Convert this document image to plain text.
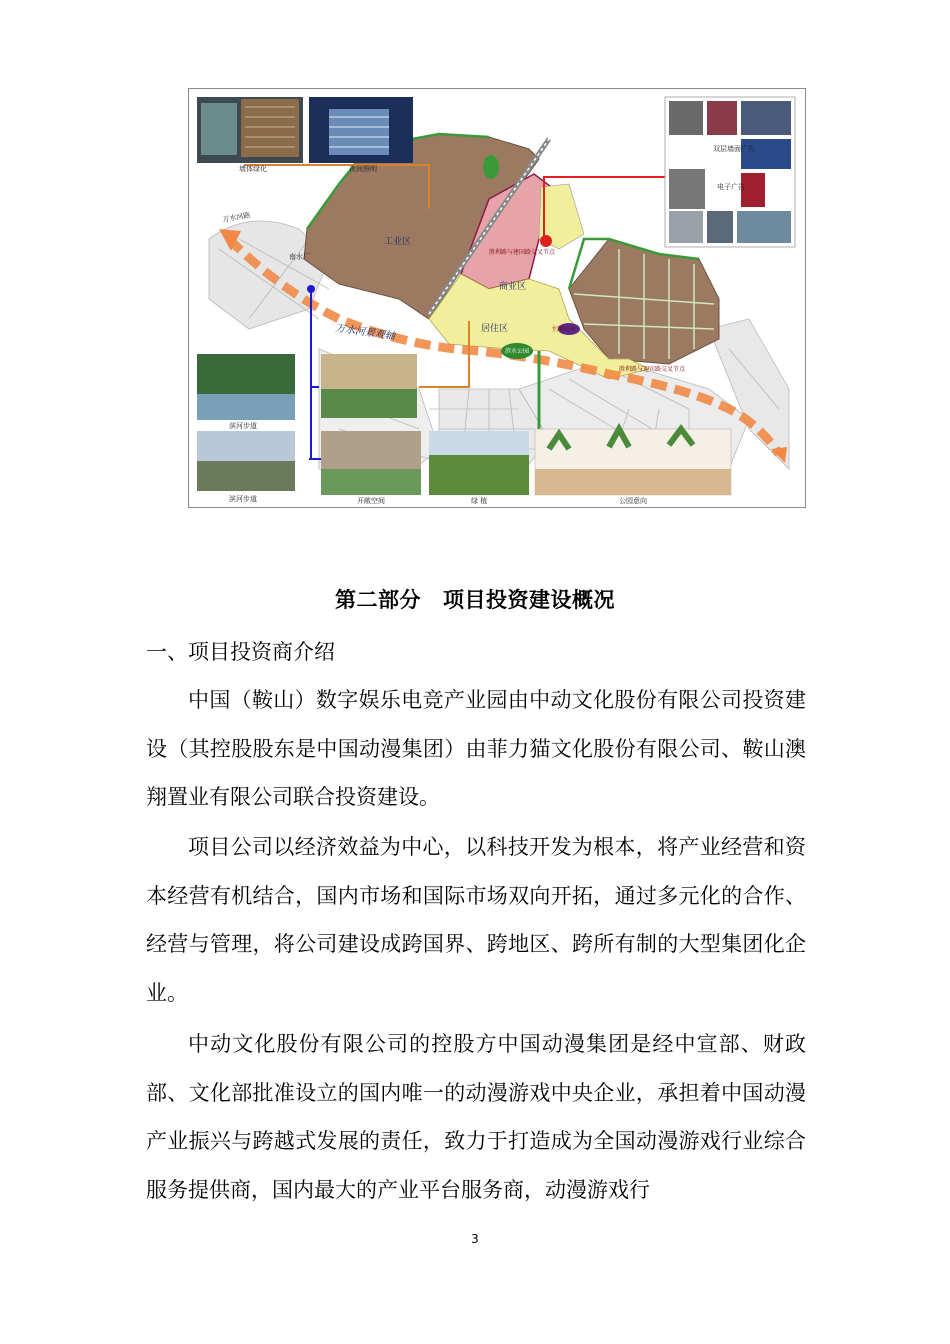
工业区
商业区
居住区
万水河景观轴
万水河路
南水厂
胜利路与建国路交叉节点
滨水公园
主题公园
胜利路与迎宾路交叉节点
墙体绿化	夜间照明
双层墙面广告
电子广告
滨河步道
滨河步道	开敞空间	绿 植	公园意向
第二部分 项目投资建设概况
一、项目投资商介绍

中国（鞍山）数字娱乐电竞产业园由中动文化股份有限公司投资建设（其控股股东是中国动漫集团）由菲力猫文化股份有限公司、鞍山澳翔置业有限公司联合投资建设。

项目公司以经济效益为中心，以科技开发为根本，将产业经营和资本经营有机结合，国内市场和国际市场双向开拓，通过多元化的合作、经营与管理，将公司建设成跨国界、跨地区、跨所有制的大型集团化企业。

中动文化股份有限公司的控股方中国动漫集团是经中宣部、财政部、文化部批准设立的国内唯一的动漫游戏中央企业，承担着中国动漫产业振兴与跨越式发展的责任，致力于打造成为全国动漫游戏行业综合服务提供商，国内最大的产业平台服务商，动漫游戏行

3
